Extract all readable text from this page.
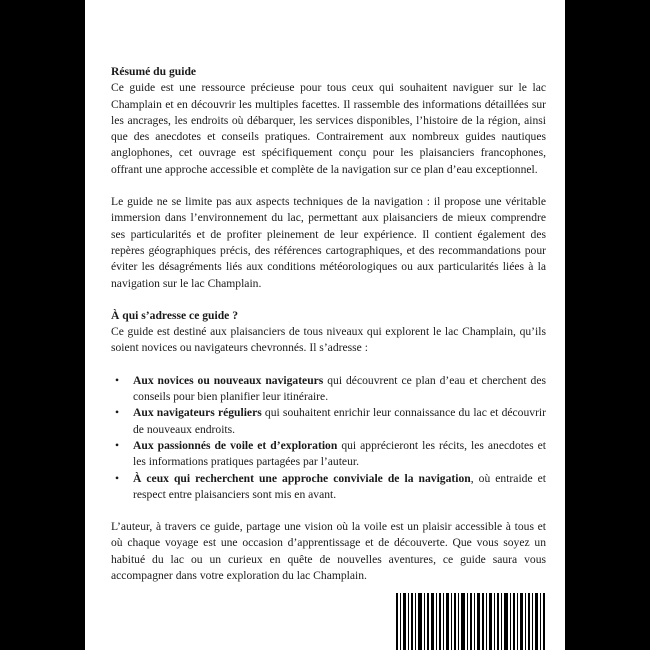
Résumé du guide

Ce guide est une ressource précieuse pour tous ceux qui souhaitent naviguer sur le lac Champlain et en découvrir les multiples facettes. Il rassemble des informations détaillées sur les ancrages, les endroits où débarquer, les services disponibles, l’histoire de la région, ainsi que des anecdotes et conseils pratiques. Contrairement aux nombreux guides nautiques anglophones, cet ouvrage est spécifiquement conçu pour les plaisanciers francophones, offrant une approche accessible et complète de la navigation sur ce plan d’eau exceptionnel.

Le guide ne se limite pas aux aspects techniques de la navigation : il propose une véritable immersion dans l’environnement du lac, permettant aux plaisanciers de mieux comprendre ses particularités et de profiter pleinement de leur expérience. Il contient également des repères géographiques précis, des références cartographiques, et des recommandations pour éviter les désagréments liés aux conditions météorologiques ou aux particularités liées à la navigation sur le lac Champlain.

À qui s’adresse ce guide ?

Ce guide est destiné aux plaisanciers de tous niveaux qui explorent le lac Champlain, qu’ils soient novices ou navigateurs chevronnés. Il s’adresse :

• Aux novices ou nouveaux navigateurs qui découvrent ce plan d’eau et cherchent des conseils pour bien planifier leur itinéraire.
• Aux navigateurs réguliers qui souhaitent enrichir leur connaissance du lac et découvrir de nouveaux endroits.
• Aux passionnés de voile et d’exploration qui apprécieront les récits, les anecdotes et les informations pratiques partagées par l’auteur.
• À ceux qui recherchent une approche conviviale de la navigation, où entraide et respect entre plaisanciers sont mis en avant.

L’auteur, à travers ce guide, partage une vision où la voile est un plaisir accessible à tous et où chaque voyage est une occasion d’apprentissage et de découverte. Que vous soyez un habitué du lac ou un curieux en quête de nouvelles aventures, ce guide saura vous accompagner dans votre exploration du lac Champlain.
